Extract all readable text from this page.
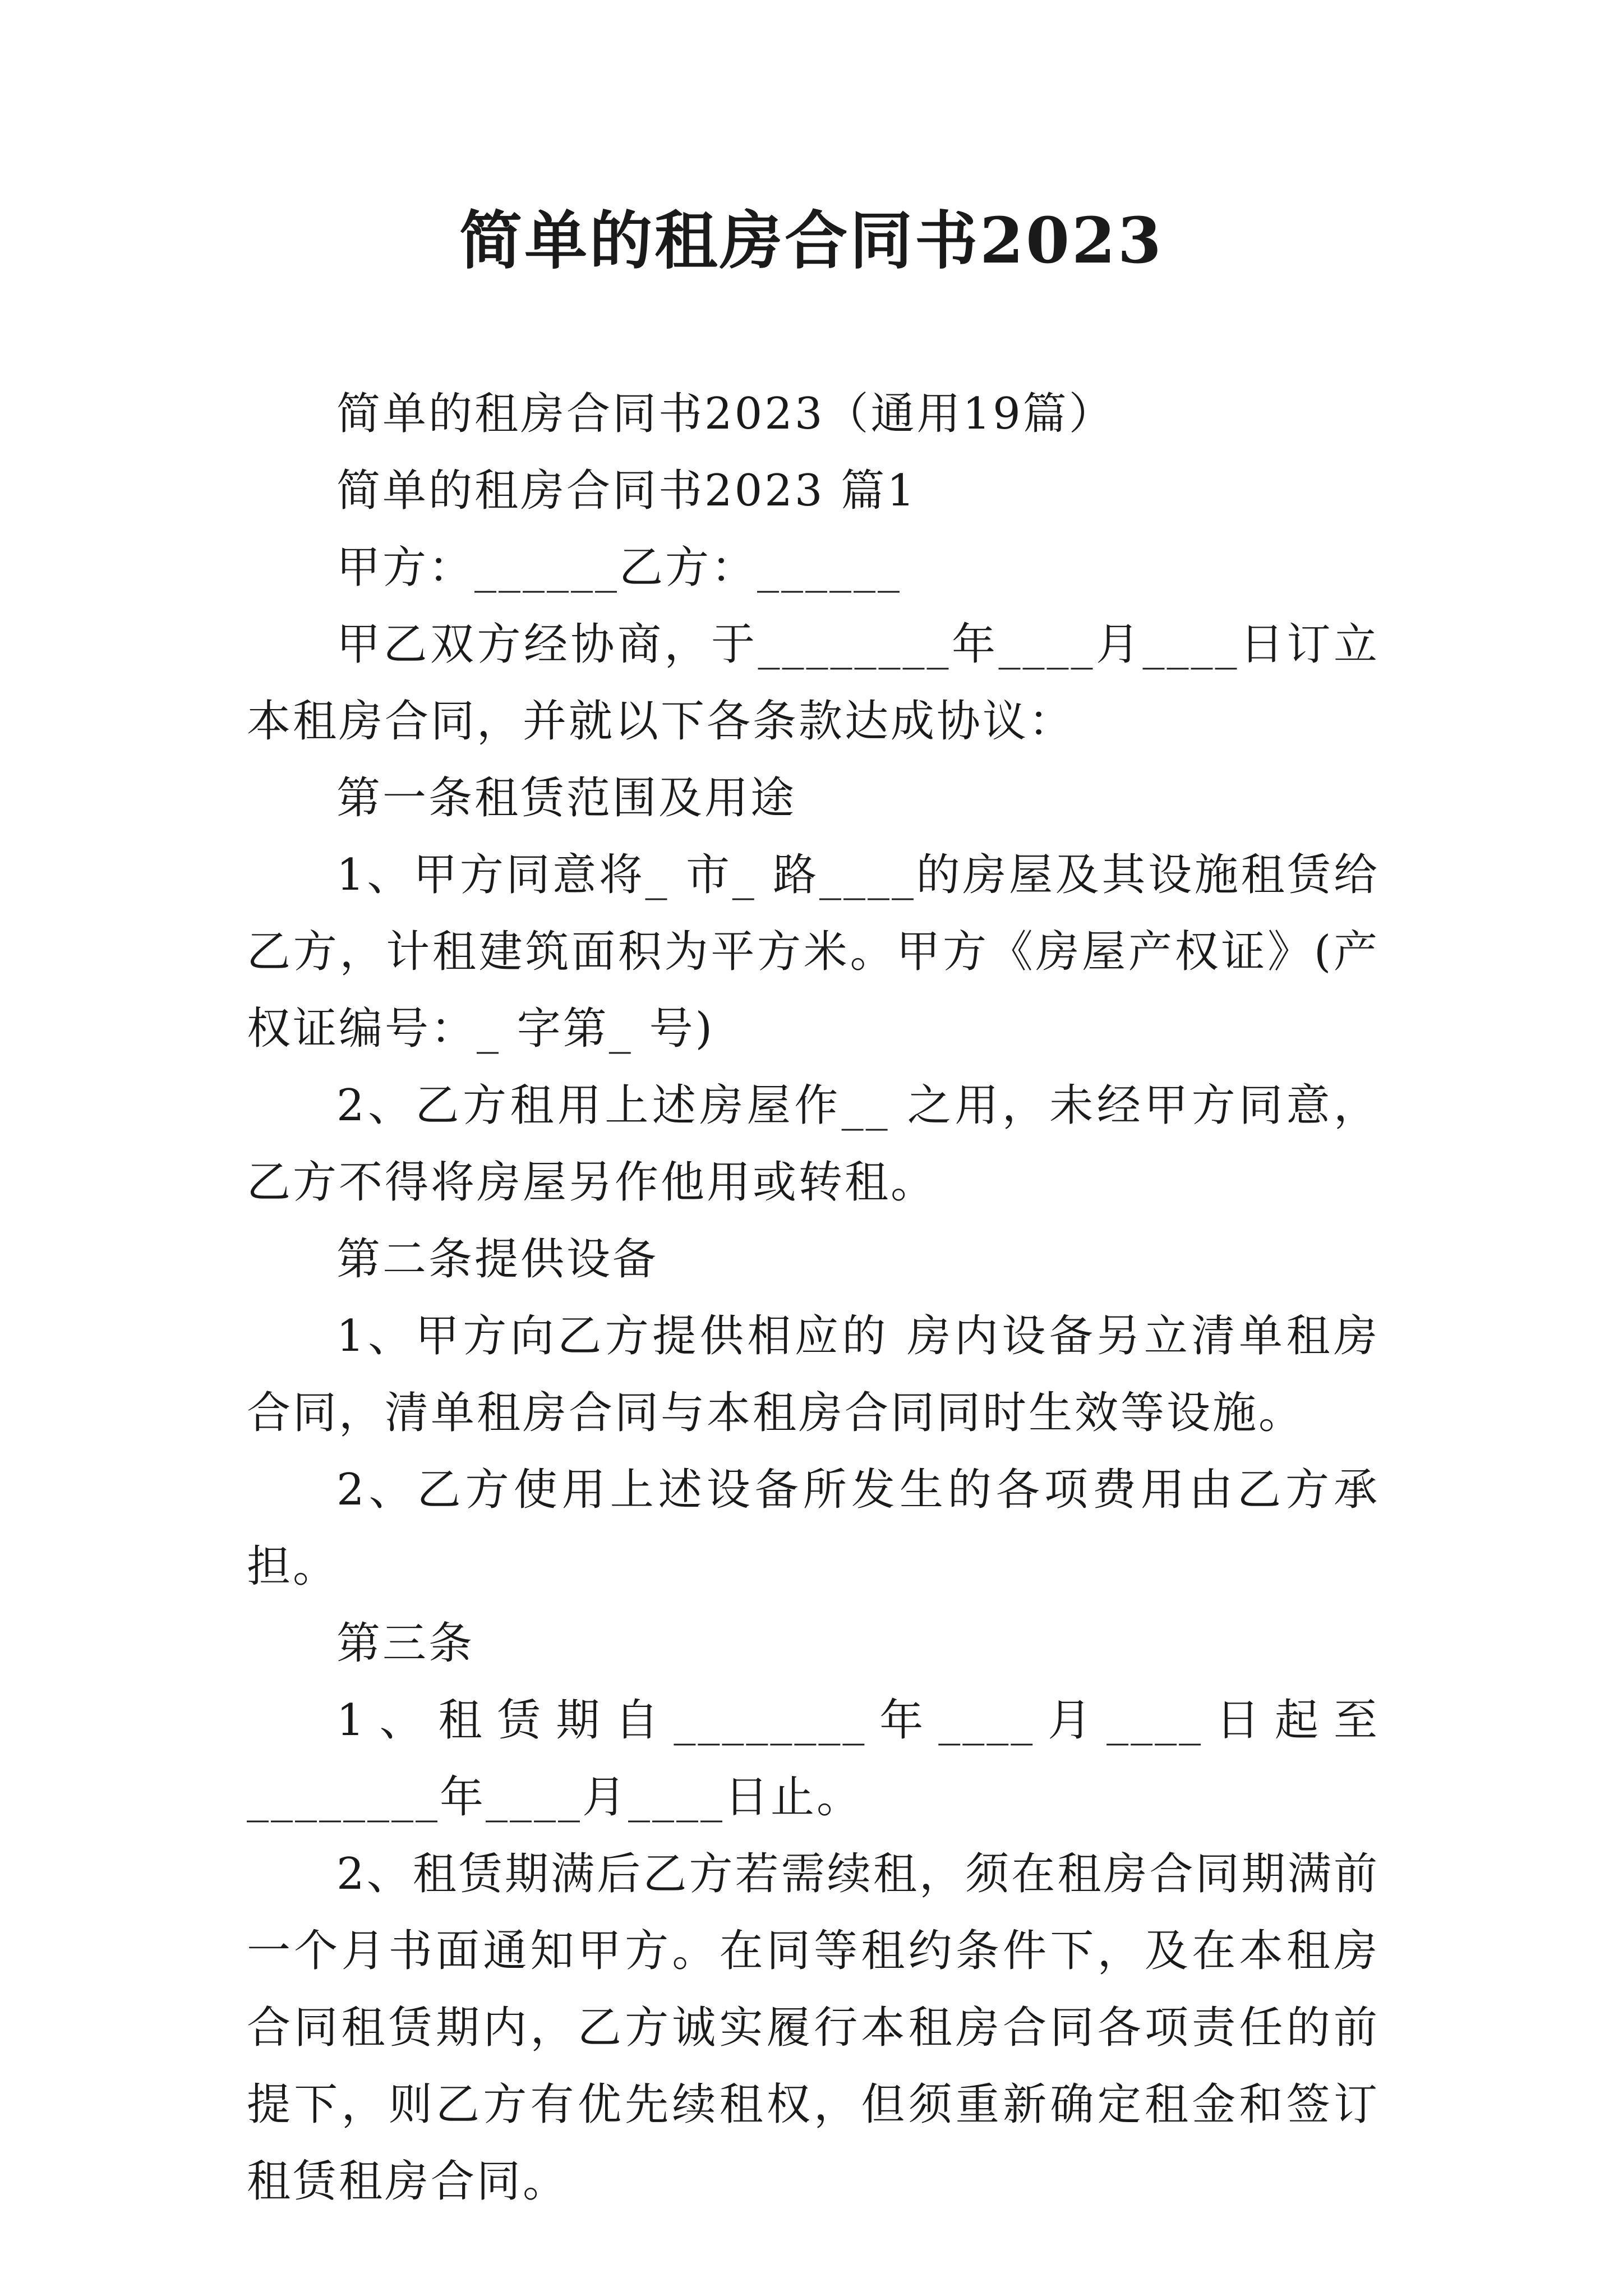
简单的租房合同书2023

简单的租房合同书2023（通用19篇）

简单的租房合同书2023 篇1

甲方：______乙方：______

甲乙双方经协商，于________年____月____日订立本租房合同，并就以下各条款达成协议：

第一条租赁范围及用途

1、甲方同意将_ 市_ 路____的房屋及其设施租赁给乙方，计租建筑面积为平方米。甲方《房屋产权证》(产权证编号：_ 字第_ 号)

2、乙方租用上述房屋作__ 之用，未经甲方同意，乙方不得将房屋另作他用或转租。

第二条提供设备

1、甲方向乙方提供相应的 房内设备另立清单租房合同，清单租房合同与本租房合同同时生效等设施。

2、乙方使用上述设备所发生的各项费用由乙方承担。

第三条

1、租赁期自________年____月____日起至________年____月____日止。

2、租赁期满后乙方若需续租，须在租房合同期满前一个月书面通知甲方。在同等租约条件下，及在本租房合同租赁期内，乙方诚实履行本租房合同各项责任的前提下，则乙方有优先续租权，但须重新确定租金和签订租赁租房合同。
